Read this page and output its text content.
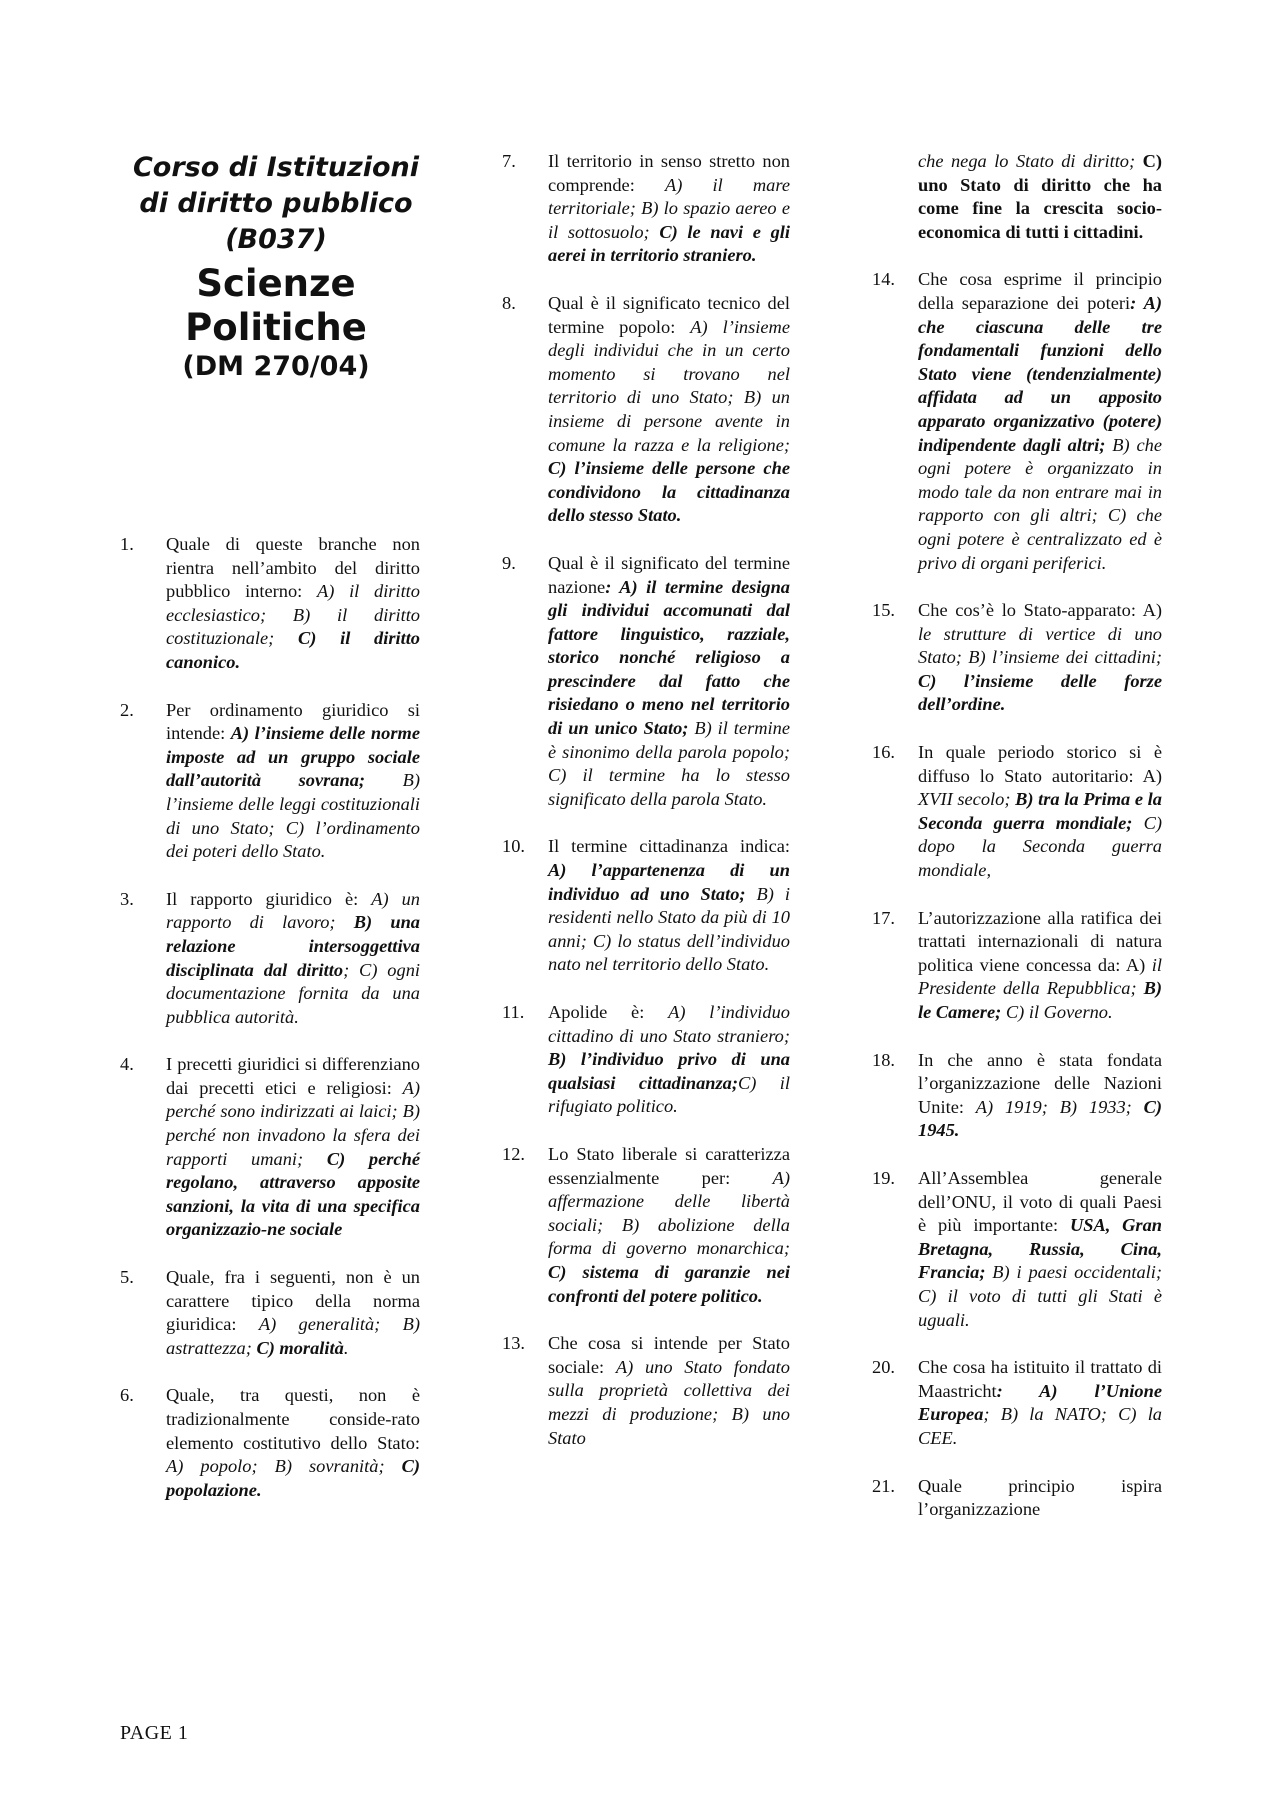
Corso di Istituzioni di diritto pubblico (B037)
Scienze Politiche
(DM 270/04)
1.	Quale di queste branche non rientra nell’ambito del diritto pubblico interno: A) il diritto ecclesiastico; B) il diritto costituzionale; C) il diritto canonico.
2.	Per ordinamento giuridico si intende: A) l’insieme delle norme imposte ad un gruppo sociale dall’autorità sovrana; B) l’insieme delle leggi costituzionali di uno Stato; C) l’ordinamento dei poteri dello Stato.
3.	Il rapporto giuridico è: A) un rapporto di lavoro; B) una relazione intersoggettiva disciplinata dal diritto; C) ogni documentazione fornita da una pubblica autorità.
4.	I precetti giuridici si differenziano dai precetti etici e religiosi: A) perché sono indirizzati ai laici; B) perché non invadono la sfera dei rapporti umani; C) perché regolano, attraverso apposite sanzioni, la vita di una specifica organizzazio-ne sociale
5.	Quale, fra i seguenti, non è un carattere tipico della norma giuridica: A) generalità; B) astrattezza; C) moralità.
6.	Quale, tra questi, non è tradizionalmente conside-rato elemento costitutivo dello Stato: A) popolo; B) sovranità; C) popolazione.
7.	Il territorio in senso stretto non comprende: A) il mare territoriale; B) lo spazio aereo e il sottosuolo; C) le navi e gli aerei in territorio straniero.
8.	Qual è il significato tecnico del termine popolo: A) l’insieme degli individui che in un certo momento si trovano nel territorio di uno Stato; B) un insieme di persone avente in comune la razza e la religione; C) l’insieme delle persone che condividono la cittadinanza dello stesso Stato.
9.	Qual è il significato del termine nazione: A) il termine designa gli individui accomunati dal fattore linguistico, razziale, storico nonché religioso a prescindere dal fatto che risiedano o meno nel territorio di un unico Stato; B) il termine è sinonimo della parola popolo; C) il termine ha lo stesso significato della parola Stato.
10.	Il termine cittadinanza indica: A) l’appartenenza di un individuo ad uno Stato; B) i residenti nello Stato da più di 10 anni; C) lo status dell’individuo nato nel territorio dello Stato.
11.	Apolide è: A) l’individuo cittadino di uno Stato straniero; B) l’individuo privo di una qualsiasi cittadinanza;C) il rifugiato politico.
12.	Lo Stato liberale si caratterizza essenzialmente per: A) affermazione delle libertà sociali; B) abolizione della forma di governo monarchica; C) sistema di garanzie nei confronti del potere politico.
13.	Che cosa si intende per Stato sociale: A) uno Stato fondato sulla proprietà collettiva dei mezzi di produzione; B) uno Stato
che nega lo Stato di diritto; C) uno Stato di diritto che ha come fine la crescita socio-economica di tutti i cittadini.
14.	Che cosa esprime il principio della separazione dei poteri: A) che ciascuna delle tre fondamentali funzioni dello Stato viene (tendenzialmente) affidata ad un apposito apparato organizzativo (potere) indipendente dagli altri; B) che ogni potere è organizzato in modo tale da non entrare mai in rapporto con gli altri; C) che ogni potere è centralizzato ed è privo di organi periferici.
15.	Che cos’è lo Stato-apparato: A) le strutture di vertice di uno Stato; B) l’insieme dei cittadini; C) l’insieme delle forze dell’ordine.
16.	In quale periodo storico si è diffuso lo Stato autoritario: A) XVII secolo; B) tra la Prima e la Seconda guerra mondiale; C) dopo la Seconda guerra mondiale,
17.	L’autorizzazione alla ratifica dei trattati internazionali di natura politica viene concessa da: A) il Presidente della Repubblica; B) le Camere; C) il Governo.
18.	In che anno è stata fondata l’organizzazione delle Nazioni Unite: A) 1919; B) 1933; C) 1945.
19.	All’Assemblea generale dell’ONU, il voto di quali Paesi è più importante: USA, Gran Bretagna, Russia, Cina, Francia; B) i paesi occidentali; C) il voto di tutti gli Stati è uguali.
20.	Che cosa ha istituito il trattato di Maastricht: A) l’Unione Europea; B) la NATO; C) la CEE.
21.	Quale principio ispira l’organizzazione
PAGE 1
